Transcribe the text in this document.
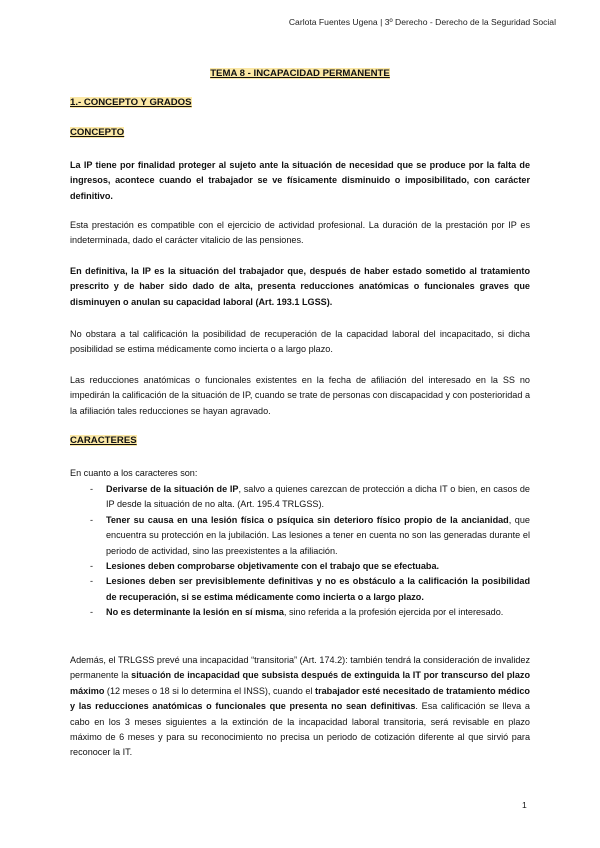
Carlota Fuentes Ugena | 3º Derecho - Derecho de la Seguridad Social
TEMA 8 - INCAPACIDAD PERMANENTE
1.- CONCEPTO Y GRADOS
CONCEPTO

La IP tiene por finalidad proteger al sujeto ante la situación de necesidad que se produce por la falta de ingresos, acontece cuando el trabajador se ve físicamente disminuido o imposibilitado, con carácter definitivo.

Esta prestación es compatible con el ejercicio de actividad profesional. La duración de la prestación por IP es indeterminada, dado el carácter vitalicio de las pensiones.

En definitiva, la IP es la situación del trabajador que, después de haber estado sometido al tratamiento prescrito y de haber sido dado de alta, presenta reducciones anatómicas o funcionales graves que disminuyen o anulan su capacidad laboral (Art. 193.1 LGSS).

No obstara a tal calificación la posibilidad de recuperación de la capacidad laboral del incapacitado, si dicha posibilidad se estima médicamente como incierta o a largo plazo.

Las reducciones anatómicas o funcionales existentes en la fecha de afiliación del interesado en la SS no impedirán la calificación de la situación de IP, cuando se trate de personas con discapacidad y con posterioridad a la afiliación tales reducciones se hayan agravado.

CARACTERES

En cuanto a los caracteres son:

- Derivarse de la situación de IP, salvo a quienes carezcan de protección a dicha IT o bien, en casos de IP desde la situación de no alta. (Art. 195.4 TRLGSS).
- Tener su causa en una lesión física o psíquica sin deterioro físico propio de la ancianidad, que encuentra su protección en la jubilación. Las lesiones a tener en cuenta no son las generadas durante el periodo de actividad, sino las preexistentes a la afiliación.
- Lesiones deben comprobarse objetivamente con el trabajo que se efectuaba.
- Lesiones deben ser previsiblemente definitivas y no es obstáculo a la calificación la posibilidad de recuperación, si se estima médicamente como incierta o a largo plazo.
- No es determinante la lesión en sí misma, sino referida a la profesión ejercida por el interesado.

Además, el TRLGSS prevé una incapacidad “transitoria” (Art. 174.2): también tendrá la consideración de invalidez permanente la situación de incapacidad que subsista después de extinguida la IT por transcurso del plazo máximo (12 meses o 18 si lo determina el INSS), cuando el trabajador esté necesitado de tratamiento médico y las reducciones anatómicas o funcionales que presenta no sean definitivas. Esa calificación se lleva a cabo en los 3 meses siguientes a la extinción de la incapacidad laboral transitoria, será revisable en plazo máximo de 6 meses y para su reconocimiento no precisa un periodo de cotización diferente al que sirvió para reconocer la IT.

1
